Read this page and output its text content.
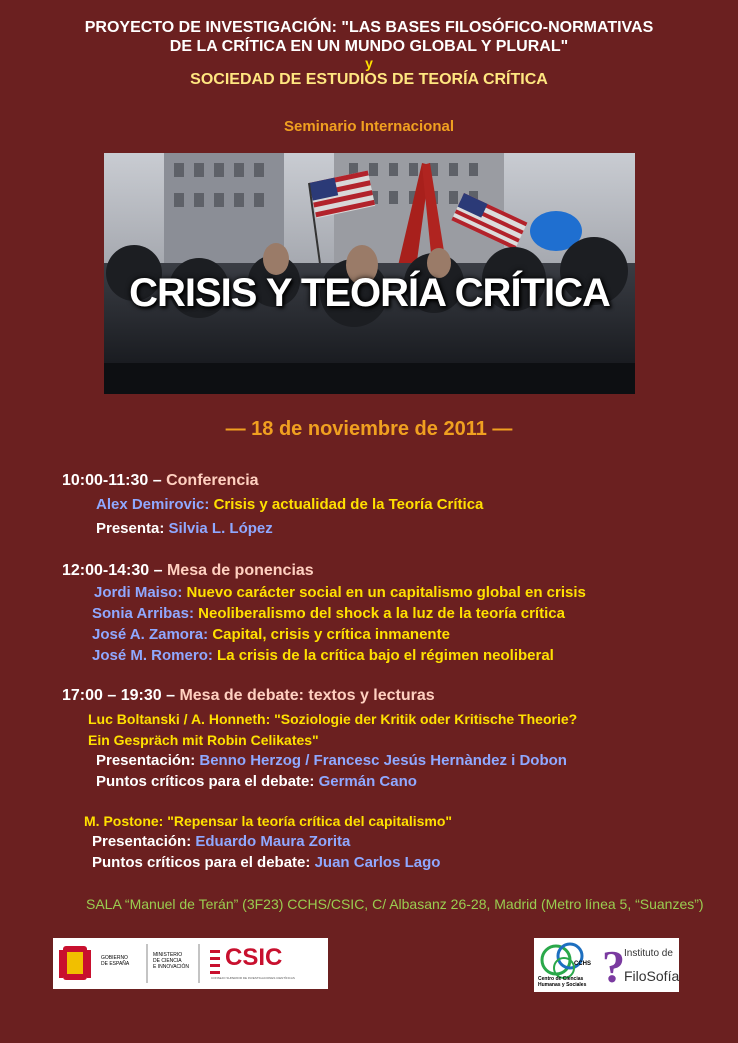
PROYECTO DE INVESTIGACIÓN: "LAS BASES FILOSÓFICO-NORMATIVAS
DE LA CRÍTICA EN UN MUNDO GLOBAL Y PLURAL"
y
SOCIEDAD DE ESTUDIOS DE TEORÍA CRÍTICA
Seminario Internacional
CRISIS Y TEORÍA CRÍTICA
— 18 de noviembre de 2011 —
10:00-11:30 – Conferencia
Alex Demirovic: Crisis y actualidad de la Teoría Crítica
Presenta: Silvia L. López
12:00-14:30 – Mesa de ponencias
Jordi Maiso: Nuevo carácter social en un capitalismo global en crisis
Sonia Arribas: Neoliberalismo del shock a la luz de la teoría crítica
José A. Zamora: Capital, crisis y crítica inmanente
José M. Romero: La crisis de la crítica bajo el régimen neoliberal
17:00 – 19:30 – Mesa de debate: textos y lecturas
Luc Boltanski / A. Honneth: "Soziologie der Kritik oder Kritische Theorie?
Ein Gespräch mit Robin Celikates"
Presentación: Benno Herzog / Francesc Jesús Hernàndez i Dobon
Puntos críticos para el debate: Germán Cano
M. Postone: "Repensar la teoría crítica del capitalismo"
Presentación: Eduardo Maura Zorita
Puntos críticos para el debate: Juan Carlos Lago
SALA “Manuel de Terán” (3F23) CCHS/CSIC, C/ Albasanz 26-28, Madrid (Metro línea 5, “Suanzes”)
GOBIERNO
DE ESPAÑA
MINISTERIO
DE CIENCIA
E INNOVACIÓN CSIC
CONSEJO SUPERIOR DE INVESTIGACIONES CIENTÍFICAS	?
CCHS
Centro de Ciencias
Humanas y Sociales
Instituto de
FiloSofía
